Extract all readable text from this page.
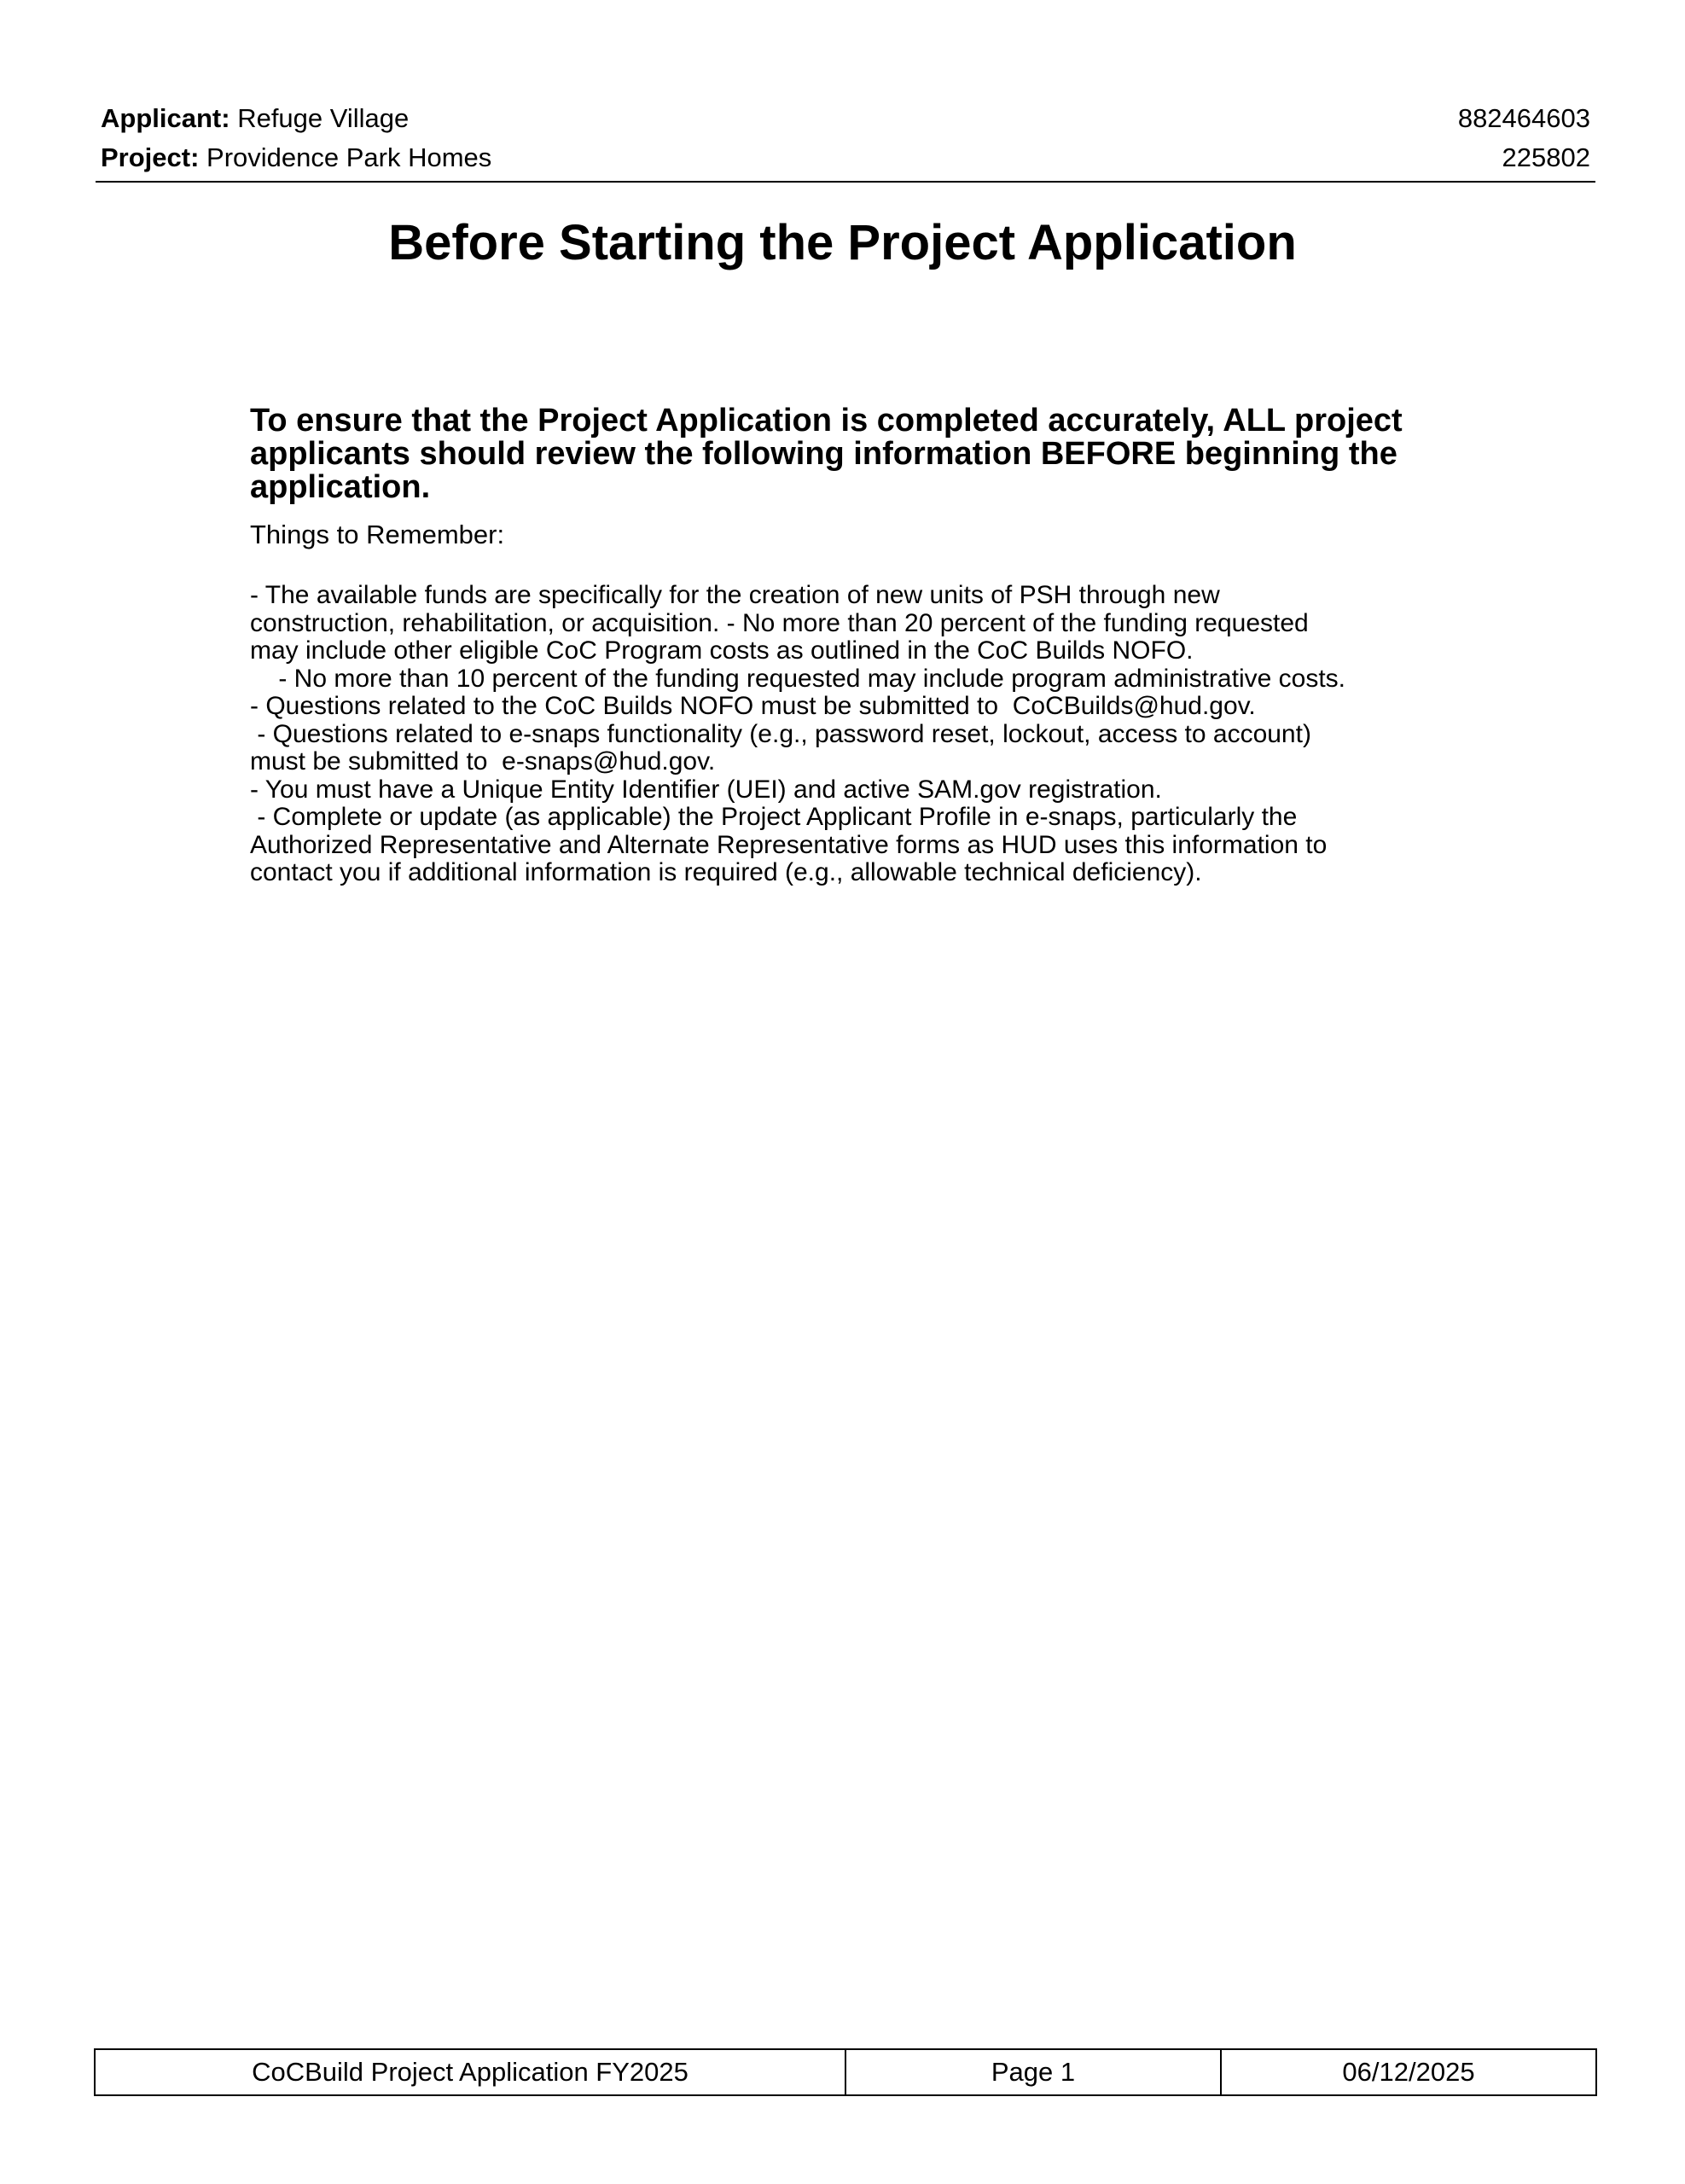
Applicant: Refuge Village	882464603
Project: Providence Park Homes	225802
Before Starting the Project Application

To ensure that the Project Application is completed accurately, ALL project applicants should review the following information BEFORE beginning the application.

Things to Remember:
- The available funds are specifically for the creation of new units of PSH through new
construction, rehabilitation, or acquisition. - No more than 20 percent of the funding requested
may include other eligible CoC Program costs as outlined in the CoC Builds NOFO.
- No more than 10 percent of the funding requested may include program administrative costs.
- Questions related to the CoC Builds NOFO must be submitted to  CoCBuilds@hud.gov.
- Questions related to e-snaps functionality (e.g., password reset, lockout, access to account)
must be submitted to  e-snaps@hud.gov.
- You must have a Unique Entity Identifier (UEI) and active SAM.gov registration.
- Complete or update (as applicable) the Project Applicant Profile in e-snaps, particularly the
Authorized Representative and Alternate Representative forms as HUD uses this information to
contact you if additional information is required (e.g., allowable technical deficiency).
CoCBuild Project Application FY2025	Page 1	06/12/2025
